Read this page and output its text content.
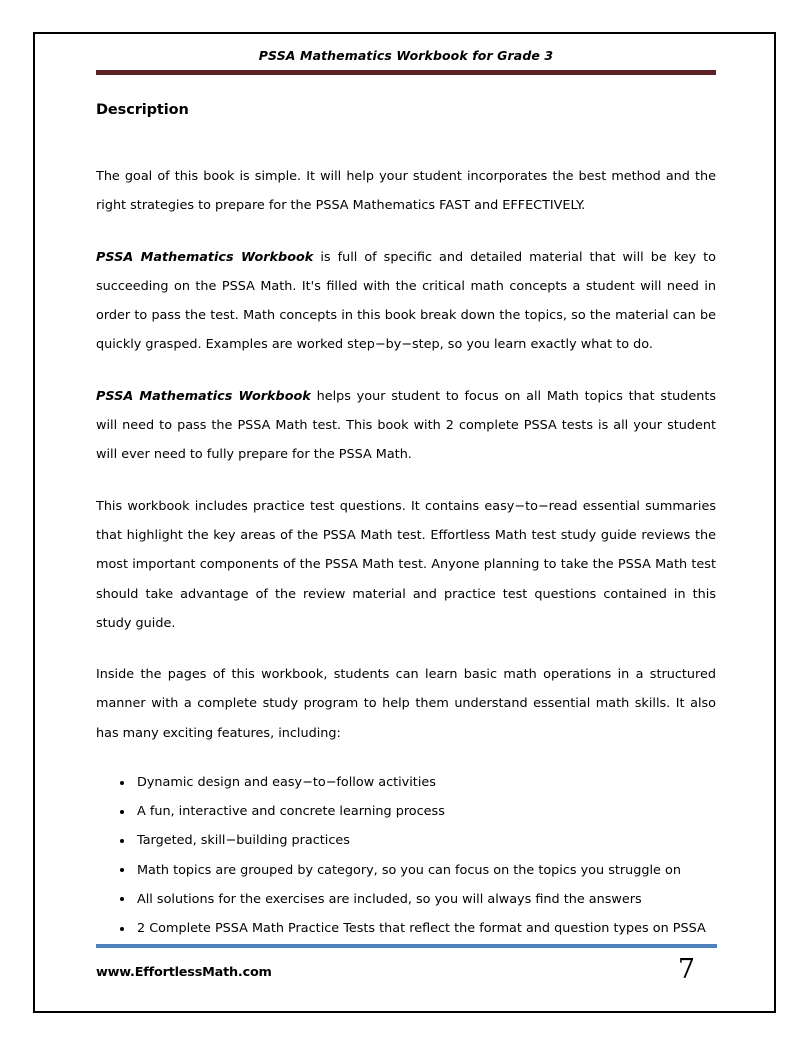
PSSA Mathematics Workbook for Grade 3
Description

The goal of this book is simple. It will help your student incorporates the best method and the right strategies to prepare for the PSSA Mathematics FAST and EFFECTIVELY.

PSSA Mathematics Workbook is full of specific and detailed material that will be key to succeeding on the PSSA Math. It's filled with the critical math concepts a student will need in order to pass the test. Math concepts in this book break down the topics, so the material can be quickly grasped. Examples are worked step−by−step, so you learn exactly what to do.

PSSA Mathematics Workbook helps your student to focus on all Math topics that students will need to pass the PSSA Math test. This book with 2 complete PSSA tests is all your student will ever need to fully prepare for the PSSA Math.

This workbook includes practice test questions. It contains easy−to−read essential summaries that highlight the key areas of the PSSA Math test. Effortless Math test study guide reviews the most important components of the PSSA Math test. Anyone planning to take the PSSA Math test should take advantage of the review material and practice test questions contained in this study guide.

Inside the pages of this workbook, students can learn basic math operations in a structured manner with a complete study program to help them understand essential math skills. It also has many exciting features, including:

Dynamic design and easy−to−follow activities
A fun, interactive and concrete learning process
Targeted, skill−building practices
Math topics are grouped by category, so you can focus on the topics you struggle on
All solutions for the exercises are included, so you will always find the answers
2 Complete PSSA Math Practice Tests that reflect the format and question types on PSSA
www.EffortlessMath.com	7
